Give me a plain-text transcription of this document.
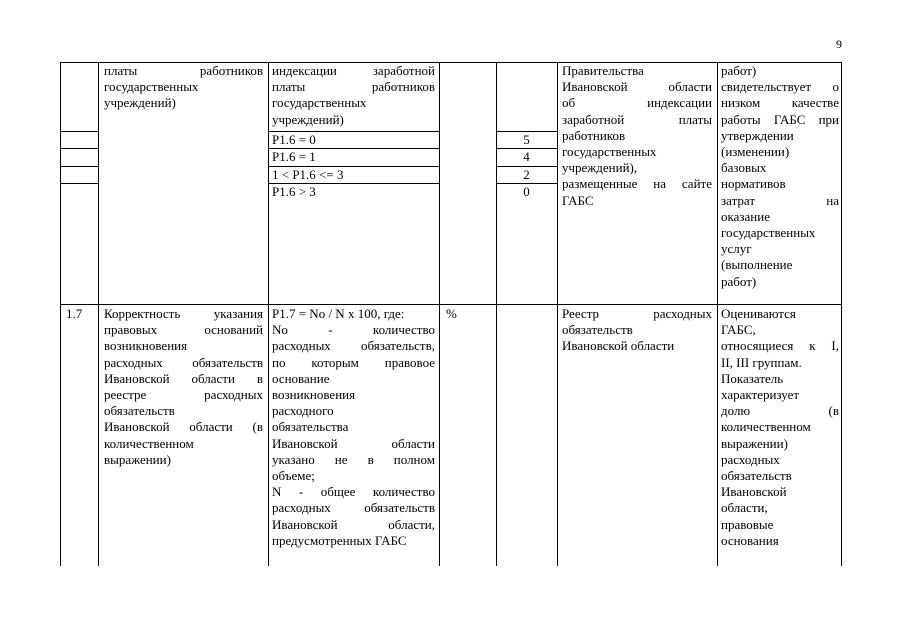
9
платы работников
государственных
учреждений)
индексации заработной
платы работников
государственных
учреждений)
Р1.6 = 0
Р1.6 = 1
1 < Р1.6 <= 3
Р1.6 > 3
5
4
2
0
Правительства
Ивановской области
об индексации
заработной платы
работников
государственных
учреждений),
размещенные на сайте
ГАБС
работ)
свидетельствует о
низком качестве
работы ГАБС при
утверждении
(изменении)
базовых
нормативов
затрат на
оказание
государственных
услуг
(выполнение
работ)
1.7 Корректность указания
правовых оснований
возникновения
расходных обязательств
Ивановской области в
реестре расходных
обязательств
Ивановской области (в
количественном
выражении)
Р1.7 = No / N x 100, где:
No - количество
расходных обязательств,
по которым правовое
основание
возникновения
расходного
обязательства
Ивановской области
указано не в полном
объеме;
N - общее количество
расходных обязательств
Ивановской области,
предусмотренных ГАБС
%	Реестр расходных
обязательств
Ивановской области
Оцениваются
ГАБС,
относящиеся к I,
II, III группам.
Показатель
характеризует
долю (в
количественном
выражении)
расходных
обязательств
Ивановской
области,
правовые
основания
